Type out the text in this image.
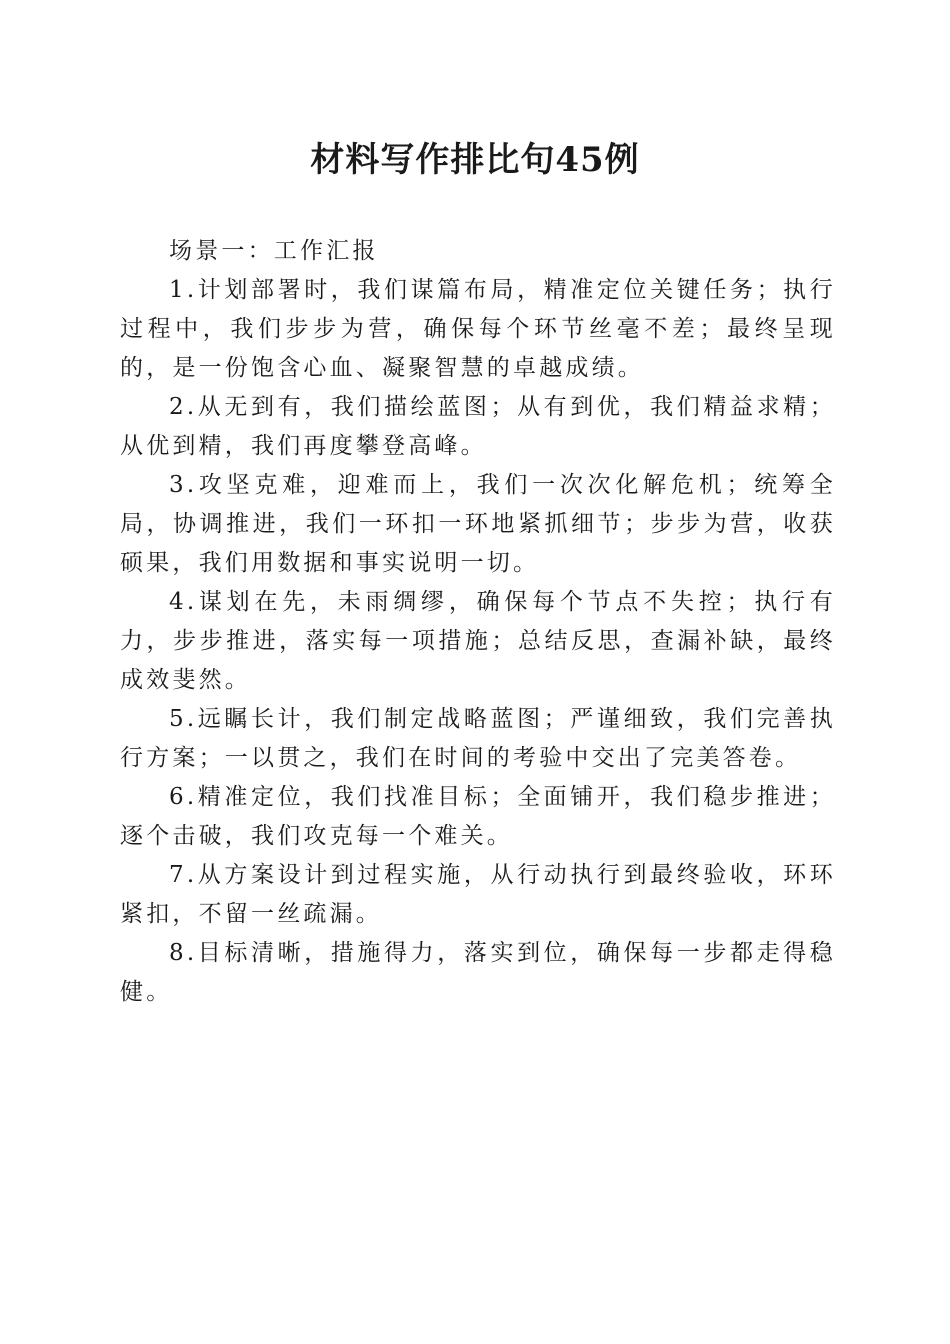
材料写作排比句45例

场景一：工作汇报

1.计划部署时，我们谋篇布局，精准定位关键任务；执行过程中，我们步步为营，确保每个环节丝毫不差；最终呈现的，是一份饱含心血、凝聚智慧的卓越成绩。

2.从无到有，我们描绘蓝图；从有到优，我们精益求精；从优到精，我们再度攀登高峰。

3.攻坚克难，迎难而上，我们一次次化解危机；统筹全局，协调推进，我们一环扣一环地紧抓细节；步步为营，收获硕果，我们用数据和事实说明一切。

4.谋划在先，未雨绸缪，确保每个节点不失控；执行有力，步步推进，落实每一项措施；总结反思，查漏补缺，最终成效斐然。

5.远瞩长计，我们制定战略蓝图；严谨细致，我们完善执行方案；一以贯之，我们在时间的考验中交出了完美答卷。

6.精准定位，我们找准目标；全面铺开，我们稳步推进；逐个击破，我们攻克每一个难关。

7.从方案设计到过程实施，从行动执行到最终验收，环环紧扣，不留一丝疏漏。

8.目标清晰，措施得力，落实到位，确保每一步都走得稳健。
